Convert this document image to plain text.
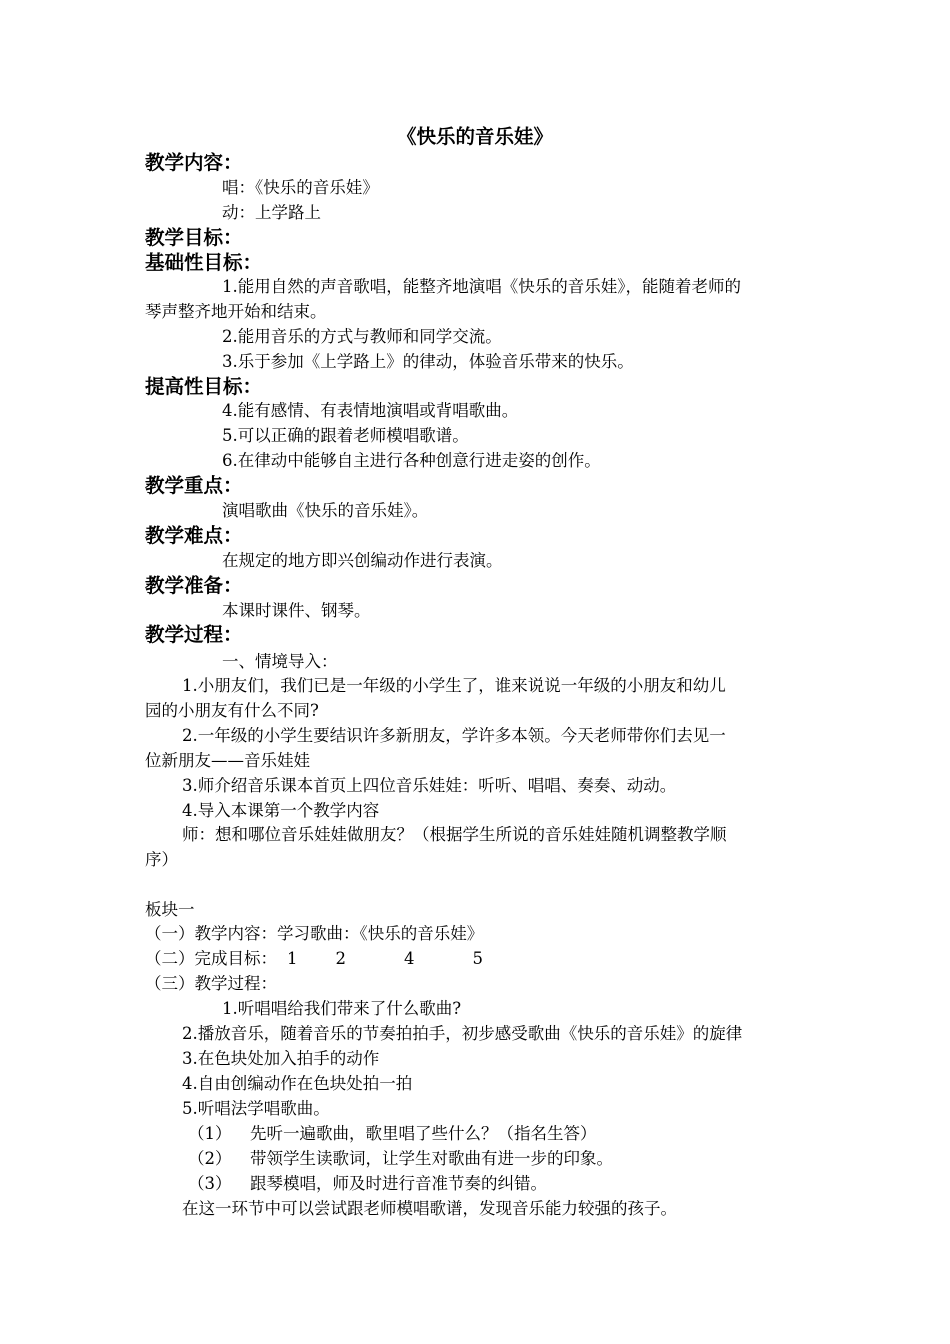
《快乐的音乐娃》
教学内容：
唱：《快乐的音乐娃》
动：上学路上
教学目标：
基础性目标：
1.能用自然的声音歌唱，能整齐地演唱《快乐的音乐娃》，能随着老师的
琴声整齐地开始和结束。
2.能用音乐的方式与教师和同学交流。
3.乐于参加《上学路上》的律动，体验音乐带来的快乐。
提高性目标：
4.能有感情、有表情地演唱或背唱歌曲。
5.可以正确的跟着老师模唱歌谱。
6.在律动中能够自主进行各种创意行进走姿的创作。
教学重点：
演唱歌曲《快乐的音乐娃》。
教学难点：
在规定的地方即兴创编动作进行表演。
教学准备：
本课时课件、钢琴。
教学过程：
一、情境导入：
1.小朋友们，我们已是一年级的小学生了，谁来说说一年级的小朋友和幼儿
园的小朋友有什么不同?
2.一年级的小学生要结识许多新朋友，学许多本领。今天老师带你们去见一
位新朋友——音乐娃娃
3.师介绍音乐课本首页上四位音乐娃娃：听听、唱唱、奏奏、动动。
4.导入本课第一个教学内容
师：想和哪位音乐娃娃做朋友？（根据学生所说的音乐娃娃随机调整教学顺
序）
板块一
（一）教学内容：学习歌曲：《快乐的音乐娃》
（二）完成目标： 1 2	4	5
（三）教学过程：
1.听唱唱给我们带来了什么歌曲?
2.播放音乐，随着音乐的节奏拍拍手，初步感受歌曲《快乐的音乐娃》的旋律
3.在色块处加入拍手的动作
4.自由创编动作在色块处拍一拍
5.听唱法学唱歌曲。
（1） 先听一遍歌曲，歌里唱了些什么？（指名生答）
（2） 带领学生读歌词，让学生对歌曲有进一步的印象。
（3） 跟琴模唱，师及时进行音准节奏的纠错。
在这一环节中可以尝试跟老师模唱歌谱，发现音乐能力较强的孩子。
